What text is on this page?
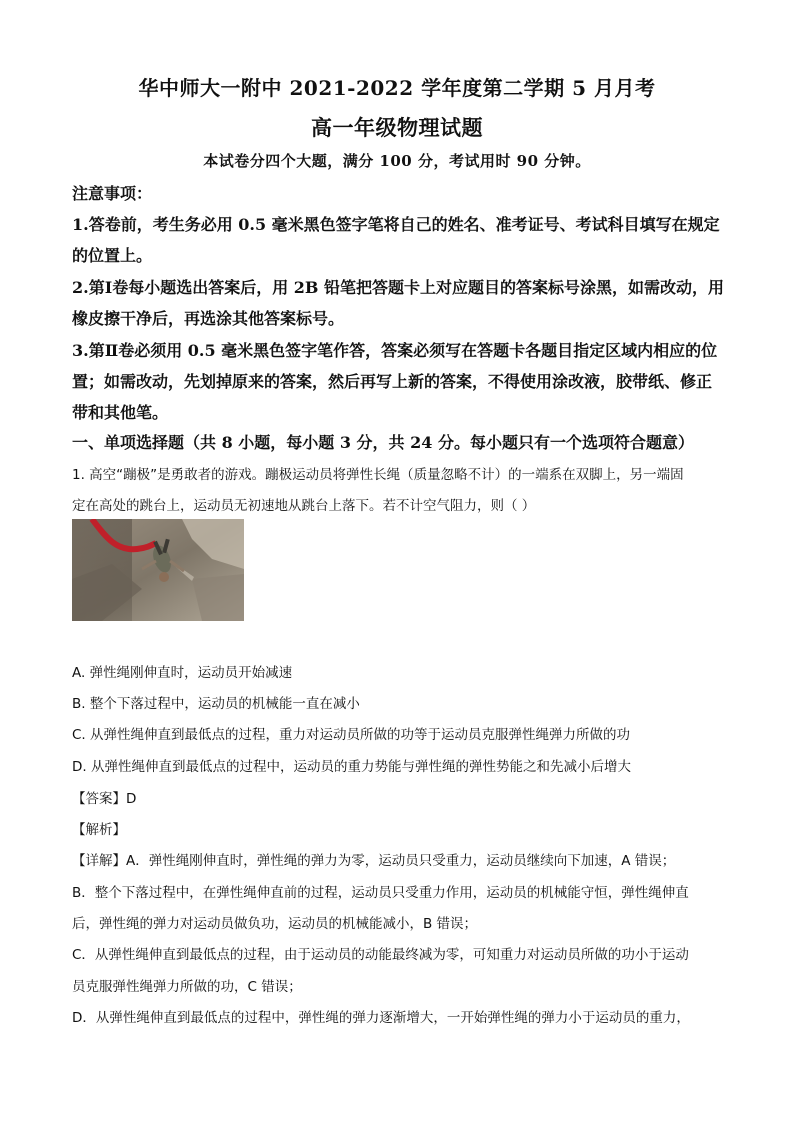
华中师大一附中 2021-2022 学年度第二学期 5 月月考
高一年级物理试题
本试卷分四个大题，满分 100 分，考试用时 90 分钟。
注意事项：
1.答卷前，考生务必用 0.5 毫米黑色签字笔将自己的姓名、准考证号、考试科目填写在规定
的位置上。
2.第Ⅰ卷每小题选出答案后，用 2B 铅笔把答题卡上对应题目的答案标号涂黑，如需改动，用
橡皮擦干净后，再选涂其他答案标号。
3.第Ⅱ卷必须用 0.5 毫米黑色签字笔作答，答案必须写在答题卡各题目指定区域内相应的位
置；如需改动，先划掉原来的答案，然后再写上新的答案，不得使用涂改液，胶带纸、修正
带和其他笔。
一、单项选择题（共 8 小题，每小题 3 分，共 24 分。每小题只有一个选项符合题意）
1. 高空“蹦极”是勇敢者的游戏。蹦极运动员将弹性长绳（质量忽略不计）的一端系在双脚上，另一端固
定在高处的跳台上，运动员无初速地从跳台上落下。若不计空气阻力，则（ ）
A. 弹性绳刚伸直时，运动员开始减速
B. 整个下落过程中，运动员的机械能一直在减小
C. 从弹性绳伸直到最低点的过程，重力对运动员所做的功等于运动员克服弹性绳弹力所做的功
D. 从弹性绳伸直到最低点的过程中，运动员的重力势能与弹性绳的弹性势能之和先减小后增大
【答案】D
【解析】
【详解】A．弹性绳刚伸直时，弹性绳的弹力为零，运动员只受重力，运动员继续向下加速，A 错误；
B．整个下落过程中，在弹性绳伸直前的过程，运动员只受重力作用，运动员的机械能守恒，弹性绳伸直
后，弹性绳的弹力对运动员做负功，运动员的机械能减小，B 错误；
C．从弹性绳伸直到最低点的过程，由于运动员的动能最终减为零，可知重力对运动员所做的功小于运动
员克服弹性绳弹力所做的功，C 错误；
D．从弹性绳伸直到最低点的过程中，弹性绳的弹力逐渐增大，一开始弹性绳的弹力小于运动员的重力，
